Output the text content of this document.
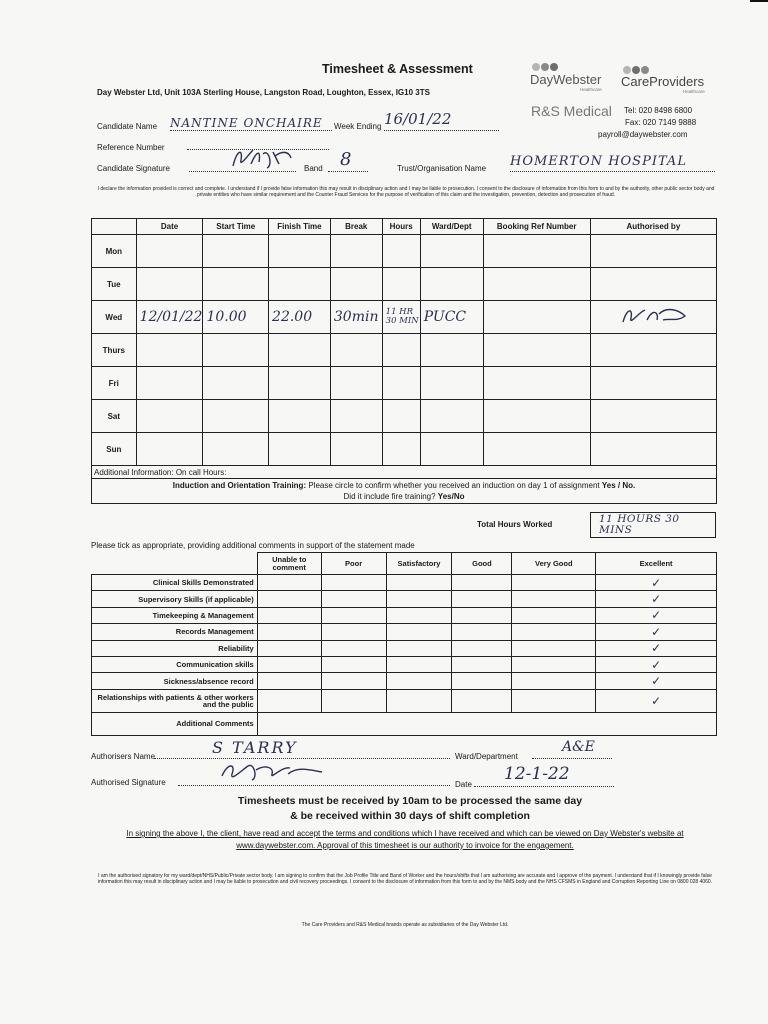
Timesheet & Assessment
Day Webster Ltd, Unit 103A Sterling House, Langston Road, Loughton, Essex, IG10 3TS
DayWebster
Healthcare
CareProviders
Healthcare
R&S Medical Tel: 020 8498 6800
Fax: 020 7149 9888
payroll@daywebster.com
Candidate Name NANTINE ONCHAIRE	Week Ending 16/01/22
Reference Number
Candidate Signature	Band 8	Trust/Organisation Name HOMERTON HOSPITAL
I declare the information provided is correct and complete. I understand if I provide false information this may result in disciplinary action and I may be liable to prosecution. I consent to the disclosure of information from this form to and by the authority, other public sector body and private entities who have similar requirement and the Counter Fraud Services for the purpose of verification of this claim and the investigation, prevention, detection and prosecution of fraud.
	Date	Start Time	Finish Time	Break	Hours	Ward/Dept	Booking Ref Number	Authorised by
Mon								
Tue								
Wed	12/01/22	10.00	22.00	30min	11 HR 30 MIN	PUCC		
Thurs								
Fri								
Sat								
Sun								
Additional Information: On call Hours:								
Induction and Orientation Training: Please circle to confirm whether you received an induction on day 1 of assignment Yes / No.
Did it include fire training? Yes/No								
Total Hours Worked	11 HOURS 30 MINS
Please tick as appropriate, providing additional comments in support of the statement made
	Unable to comment	Poor	Satisfactory	Good	Very Good	Excellent
Clinical Skills Demonstrated						✓
Supervisory Skills (if applicable)						✓
Timekeeping & Management						✓
Records Management						✓
Reliability						✓
Communication skills						✓
Sickness/absence record						✓
Relationships with patients & other workers and the public						✓
Additional Comments						
Authorisers Name	S TARRY	Ward/Department
A&E
Authorised Signature	Date
12-1-22
Timesheets must be received by 10am to be processed the same day
& be received within 30 days of shift completion
In signing the above I, the client, have read and accept the terms and conditions which I have received and which can be viewed on Day Webster's website at www.daywebster.com. Approval of this timesheet is our authority to invoice for the engagement.
I am the authorised signatory for my ward/dept/NHS/Public/Private sector body. I am signing to confirm that the Job Profile Title and Band of Worker and the hours/shifts that I am authorising are accurate and I approve of the payment. I understand that if I knowingly provide false information this may result in disciplinary action and I may be liable to prosecution and civil recovery proceedings. I consent to the disclosure of information from this form to and by the NMS body and the NHS CFSMS in England and Corruption Reporting Line on 0800 028 4060.
The Care Providers and R&S Medical brands operate as subsidiaries of the Day Webster Ltd.
